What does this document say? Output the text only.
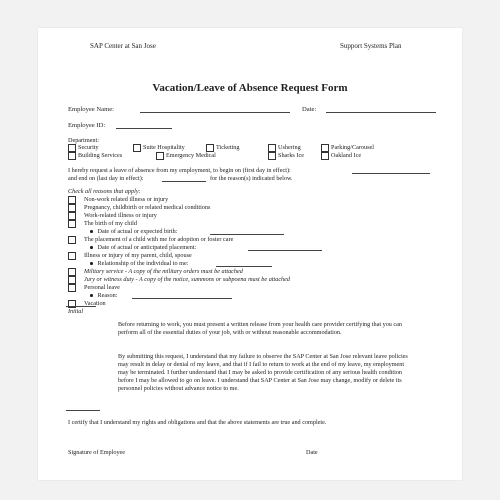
SAP Center at San Jose	Support Systems Plan
Vacation/Leave of Absence Request Form
Employee Name:	Date:
Employee ID:
Department:
Security	Suite Hospitality	Ticketing	Ushering	Parking/Carousel
Building Services	Emergency Medical	Sharks Ice	Oakland Ice
I hereby request a leave of absence from my employment, to begin on (first day in effect):
and end on (last day in effect):	for the reason(s) indicated below.
Check all reasons that apply:
Non-work related illness or injury
Pregnancy, childbirth or related medical conditions
Work-related illness or injury
The birth of my child
Date of actual or expected birth:
The placement of a child with me for adoption or foster care
Date of actual or anticipated placement:
Illness or injury of my parent, child, spouse
Relationship of the individual to me:
Military service - A copy of the military orders must be attached
Jury or witness duty - A copy of the notice, summons or subpoena must be attached
Personal leave
Reason:
Vacation
Initial
Before returning to work, you must present a written release from your health care provider certifying that you can perform all of the essential duties of your job, with or without reasonable accommodation.
By submitting this request, I understand that my failure to observe the SAP Center at San Jose relevant leave policies may result in delay or denial of my leave, and that if I fail to return to work at the end of my leave, my employment may be terminated. I further understand that I may be asked to provide certification of any serious health condition before I may be allowed to go on leave. I understand that SAP Center at San Jose may change, modify or delete its personnel policies without advance notice to me.
I certify that I understand my rights and obligations and that the above statements are true and complete.
Signature of Employee	Date
